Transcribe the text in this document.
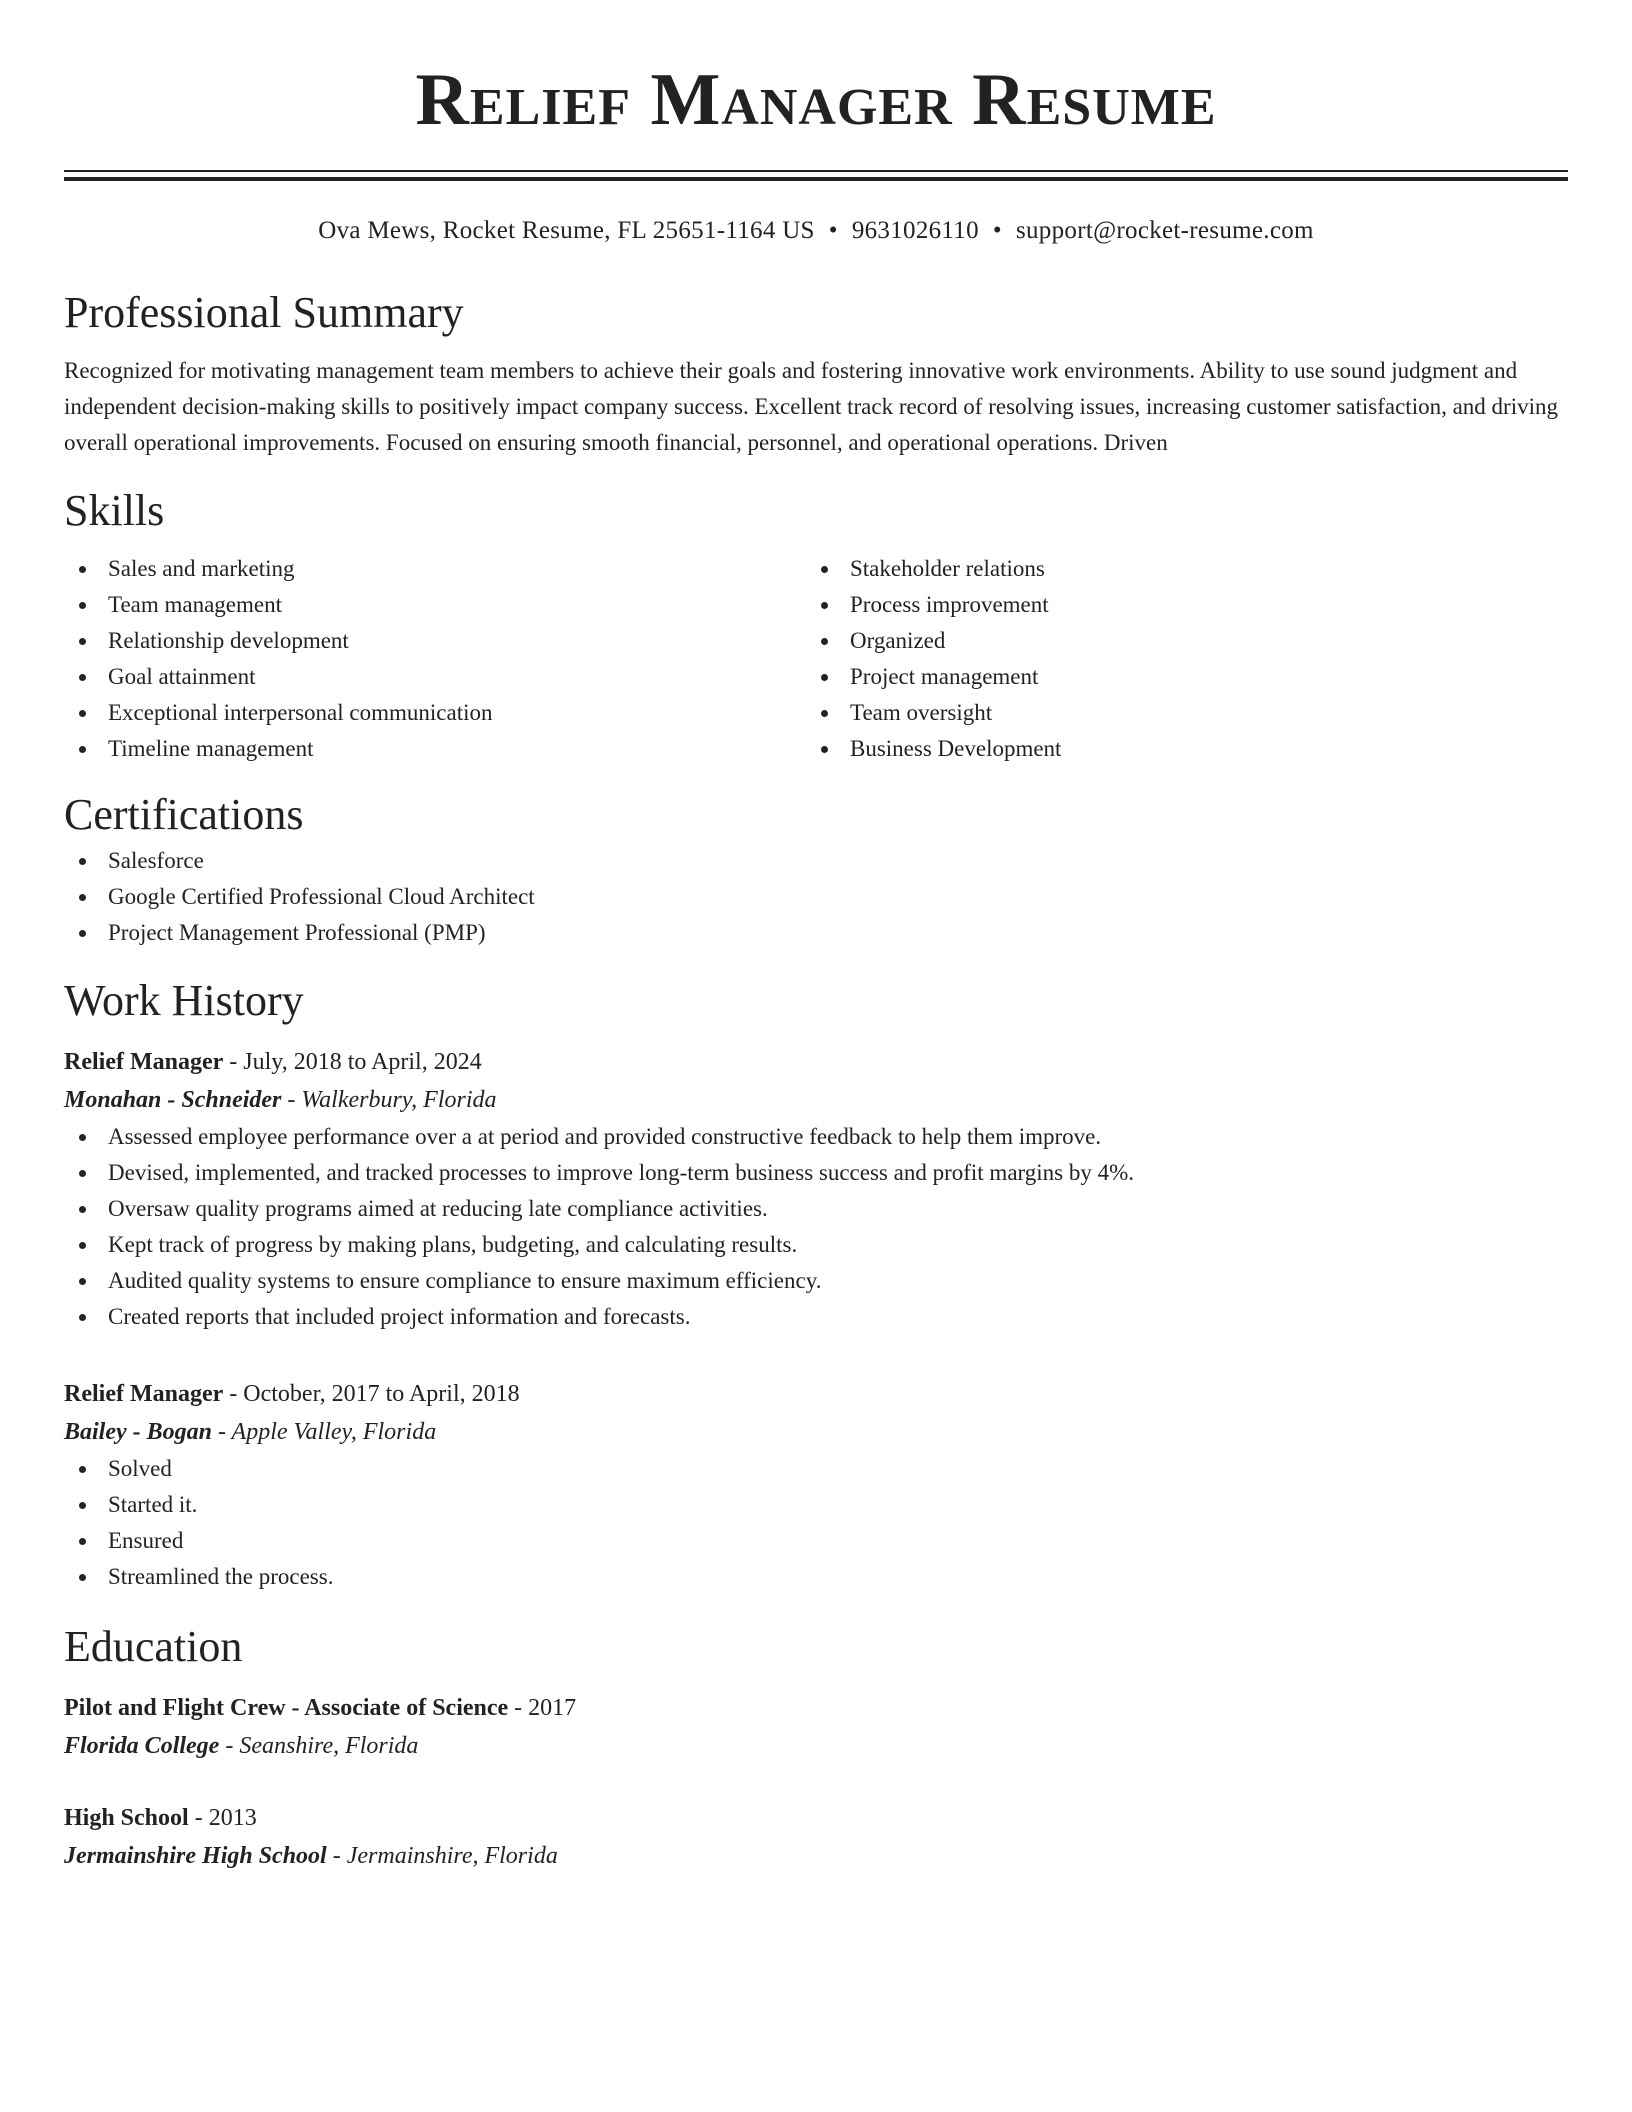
Relief Manager Resume
Ova Mews, Rocket Resume, FL 25651-1164 US • 9631026110 • support@rocket-resume.com
Professional Summary
Recognized for motivating management team members to achieve their goals and fostering innovative work environments. Ability to use sound judgment and independent decision-making skills to positively impact company success. Excellent track record of resolving issues, increasing customer satisfaction, and driving overall operational improvements. Focused on ensuring smooth financial, personnel, and operational operations. Driven
Skills
Sales and marketing
Team management
Relationship development
Goal attainment
Exceptional interpersonal communication
Timeline management
Stakeholder relations
Process improvement
Organized
Project management
Team oversight
Business Development
Certifications
Salesforce
Google Certified Professional Cloud Architect
Project Management Professional (PMP)
Work History
Relief Manager - July, 2018 to April, 2024
Monahan - Schneider - Walkerbury, Florida
Assessed employee performance over a at period and provided constructive feedback to help them improve.
Devised, implemented, and tracked processes to improve long-term business success and profit margins by 4%.
Oversaw quality programs aimed at reducing late compliance activities.
Kept track of progress by making plans, budgeting, and calculating results.
Audited quality systems to ensure compliance to ensure maximum efficiency.
Created reports that included project information and forecasts.
Relief Manager - October, 2017 to April, 2018
Bailey - Bogan - Apple Valley, Florida
Solved
Started it.
Ensured
Streamlined the process.
Education
Pilot and Flight Crew - Associate of Science - 2017
Florida College - Seanshire, Florida
High School - 2013
Jermainshire High School - Jermainshire, Florida
